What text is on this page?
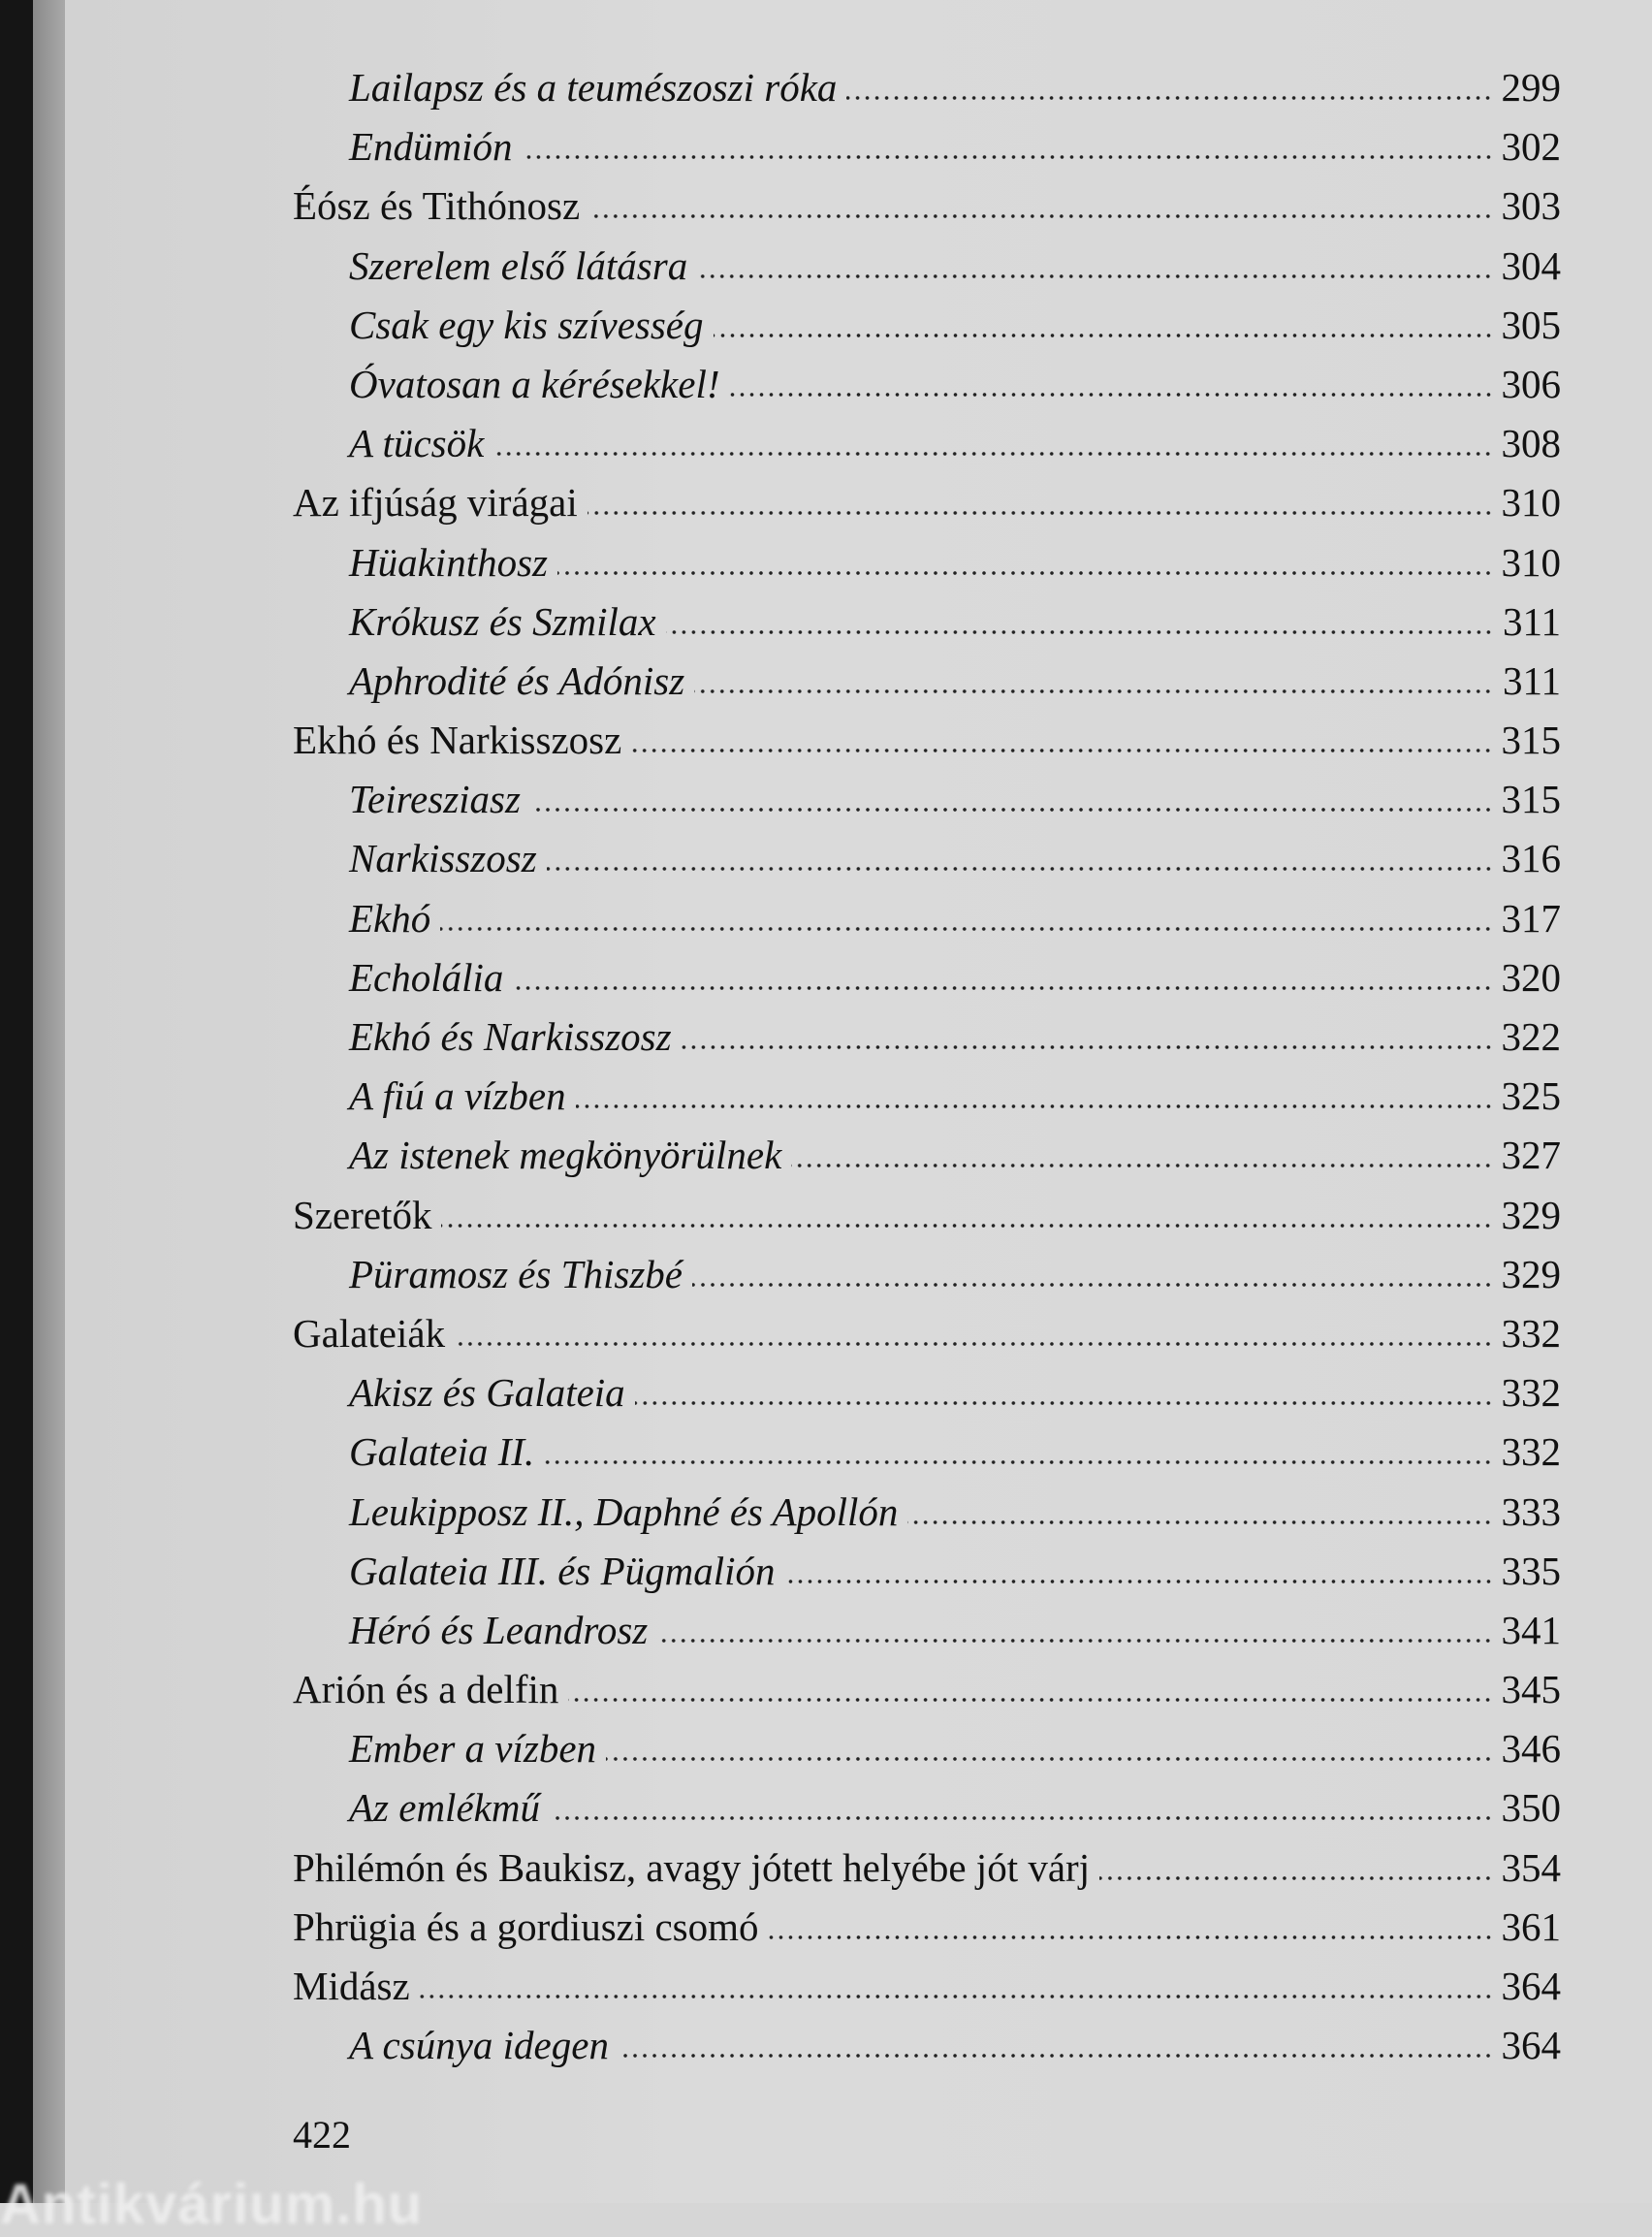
Lailapsz és a teumészoszi róka	299
Endümión	302
Éósz és Tithónosz	303
Szerelem első látásra	304
Csak egy kis szívesség	305
Óvatosan a kérésekkel!	306
A tücsök	308
Az ifjúság virágai	310
Hüakinthosz	310
Krókusz és Szmilax	311
Aphrodité és Adónisz	311
Ekhó és Narkisszosz	315
Teiresziasz	315
Narkisszosz	316
Ekhó	317
Echolália	320
Ekhó és Narkisszosz	322
A fiú a vízben	325
Az istenek megkönyörülnek	327
Szeretők	329
Püramosz és Thiszbé	329
Galateiák	332
Akisz és Galateia	332
Galateia II.	332
Leukipposz II., Daphné és Apollón	333
Galateia III. és Pügmalión	335
Héró és Leandrosz	341
Arión és a delfin	345
Ember a vízben	346
Az emlékmű	350
Philémón és Baukisz, avagy jótett helyébe jót várj	354
Phrügia és a gordiuszi csomó	361
Midász	364
A csúnya idegen	364
422
Antikvárium.hu
